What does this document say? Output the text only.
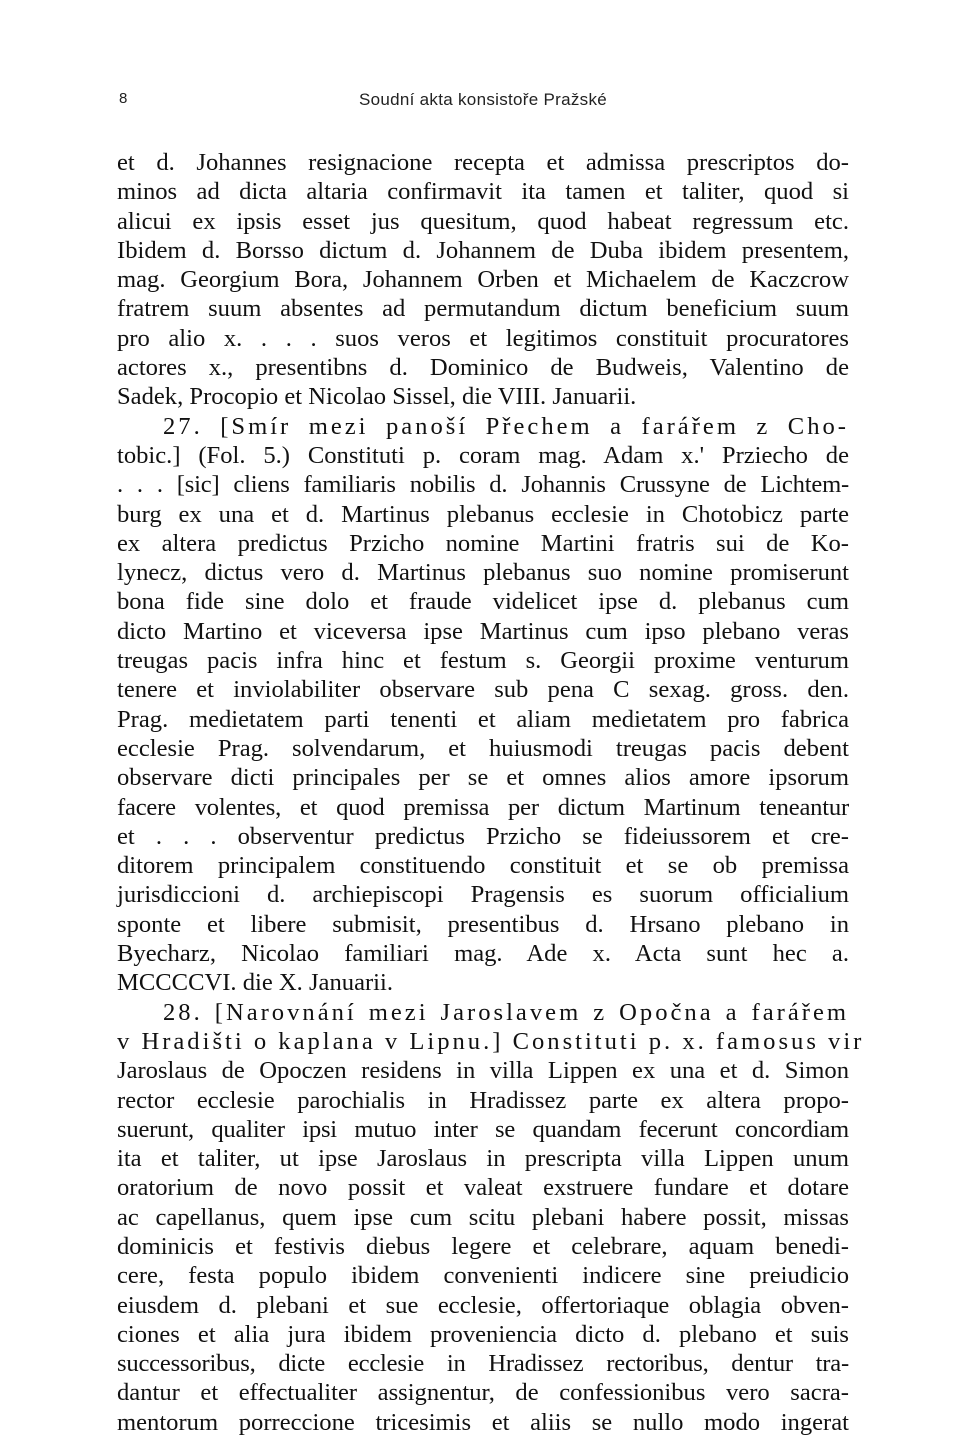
8	Soudní akta konsistoře Pražské
et d. Johannes resignacione recepta et admissa prescriptos do-
minos ad dicta altaria confirmavit ita tamen et taliter, quod si
alicui ex ipsis esset jus quesitum, quod habeat regressum etc.
Ibidem d. Borsso dictum d. Johannem de Duba ibidem presentem,
mag. Georgium Bora, Johannem Orben et Michaelem de Kaczcrow
fratrem suum absentes ad permutandum dictum beneficium suum
pro alio x. . . . suos veros et legitimos constituit procuratores
actores x., presentibns d. Dominico de Budweis, Valentino de
Sadek, Procopio et Nicolao Sissel, die VIII. Januarii.
27. [Smír mezi panoší Přechem a farářem z Cho-
tobic.] (Fol. 5.) Constituti p. coram mag. Adam x.' Prziecho de
. . . [sic] cliens familiaris nobilis d. Johannis Crussyne de Lichtem-
burg ex una et d. Martinus plebanus ecclesie in Chotobicz parte
ex altera predictus Przicho nomine Martini fratris sui de Ko-
lynecz, dictus vero d. Martinus plebanus suo nomine promiserunt
bona fide sine dolo et fraude videlicet ipse d. plebanus cum
dicto Martino et viceversa ipse Martinus cum ipso plebano veras
treugas pacis infra hinc et festum s. Georgii proxime venturum
tenere et inviolabiliter observare sub pena C sexag. gross. den.
Prag. medietatem parti tenenti et aliam medietatem pro fabrica
ecclesie Prag. solvendarum, et huiusmodi treugas pacis debent
observare dicti principales per se et omnes alios amore ipsorum
facere volentes, et quod premissa per dictum Martinum teneantur
et . . . observentur predictus Przicho se fideiussorem et cre-
ditorem principalem constituendo constituit et se ob premissa
jurisdiccioni d. archiepiscopi Pragensis es suorum officialium
sponte et libere submisit, presentibus d. Hrsano plebano in
Byecharz, Nicolao familiari mag. Ade x. Acta sunt hec a.
MCCCCVI. die X. Januarii.
28. [Narovnání mezi Jaroslavem z Opočna a farářem
v Hradišti o kaplana v Lipnu.] Constituti p. x. famosus vir
Jaroslaus de Opoczen residens in villa Lippen ex una et d. Simon
rector ecclesie parochialis in Hradissez parte ex altera propo-
suerunt, qualiter ipsi mutuo inter se quandam fecerunt concordiam
ita et taliter, ut ipse Jaroslaus in prescripta villa Lippen unum
oratorium de novo possit et valeat exstruere fundare et dotare
ac capellanus, quem ipse cum scitu plebani habere possit, missas
dominicis et festivis diebus legere et celebrare, aquam benedi-
cere, festa populo ibidem convenienti indicere sine preiudicio
eiusdem d. plebani et sue ecclesie, offertoriaque oblagia obven-
ciones et alia jura ibidem proveniencia dicto d. plebano et suis
successoribus, dicte ecclesie in Hradissez rectoribus, dentur tra-
dantur et effectualiter assignentur, de confessionibus vero sacra-
mentorum porreccione tricesimis et aliis se nullo modo ingerat
